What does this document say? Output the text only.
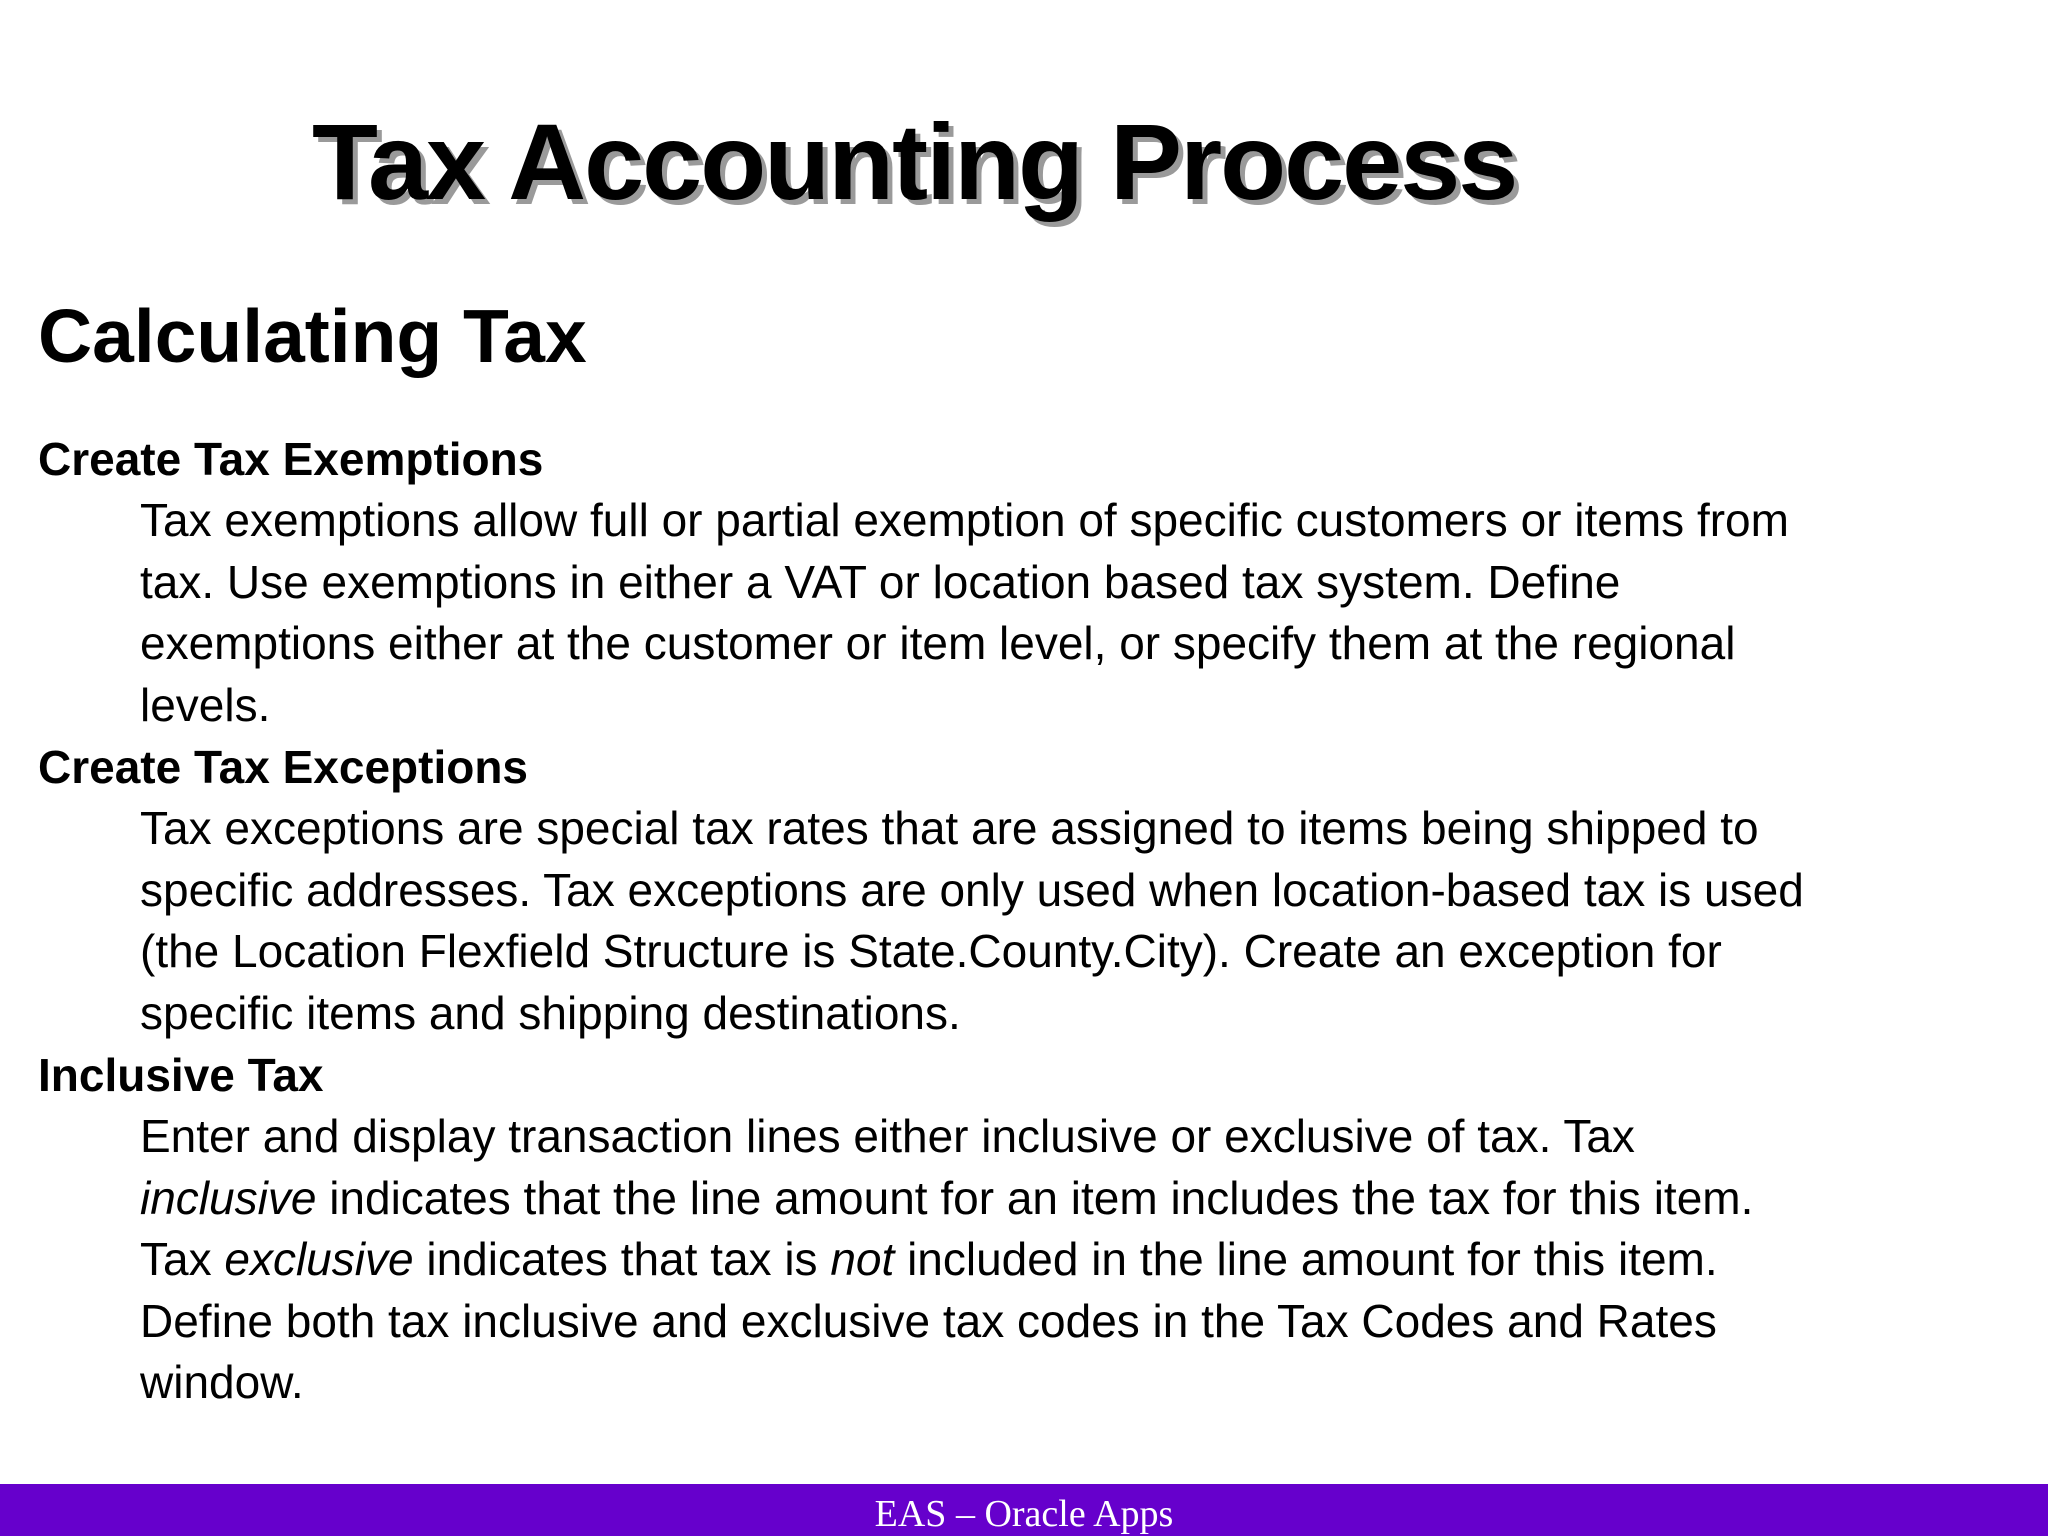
Tax Accounting Process
Calculating Tax
Create Tax Exemptions
Tax exemptions allow full or partial exemption of specific customers or items from
tax. Use exemptions in either a VAT or location based tax system. Define
exemptions either at the customer or item level, or specify them at the regional
levels.
Create Tax Exceptions
Tax exceptions are special tax rates that are assigned to items being shipped to
specific addresses. Tax exceptions are only used when location-based tax is used
(the Location Flexfield Structure is State.County.City). Create an exception for
specific items and shipping destinations.
Inclusive Tax
Enter and display transaction lines either inclusive or exclusive of tax. Tax
inclusive indicates that the line amount for an item includes the tax for this item.
Tax exclusive indicates that tax is not included in the line amount for this item.
Define both tax inclusive and exclusive tax codes in the Tax Codes and Rates
window.
EAS – Oracle Apps
